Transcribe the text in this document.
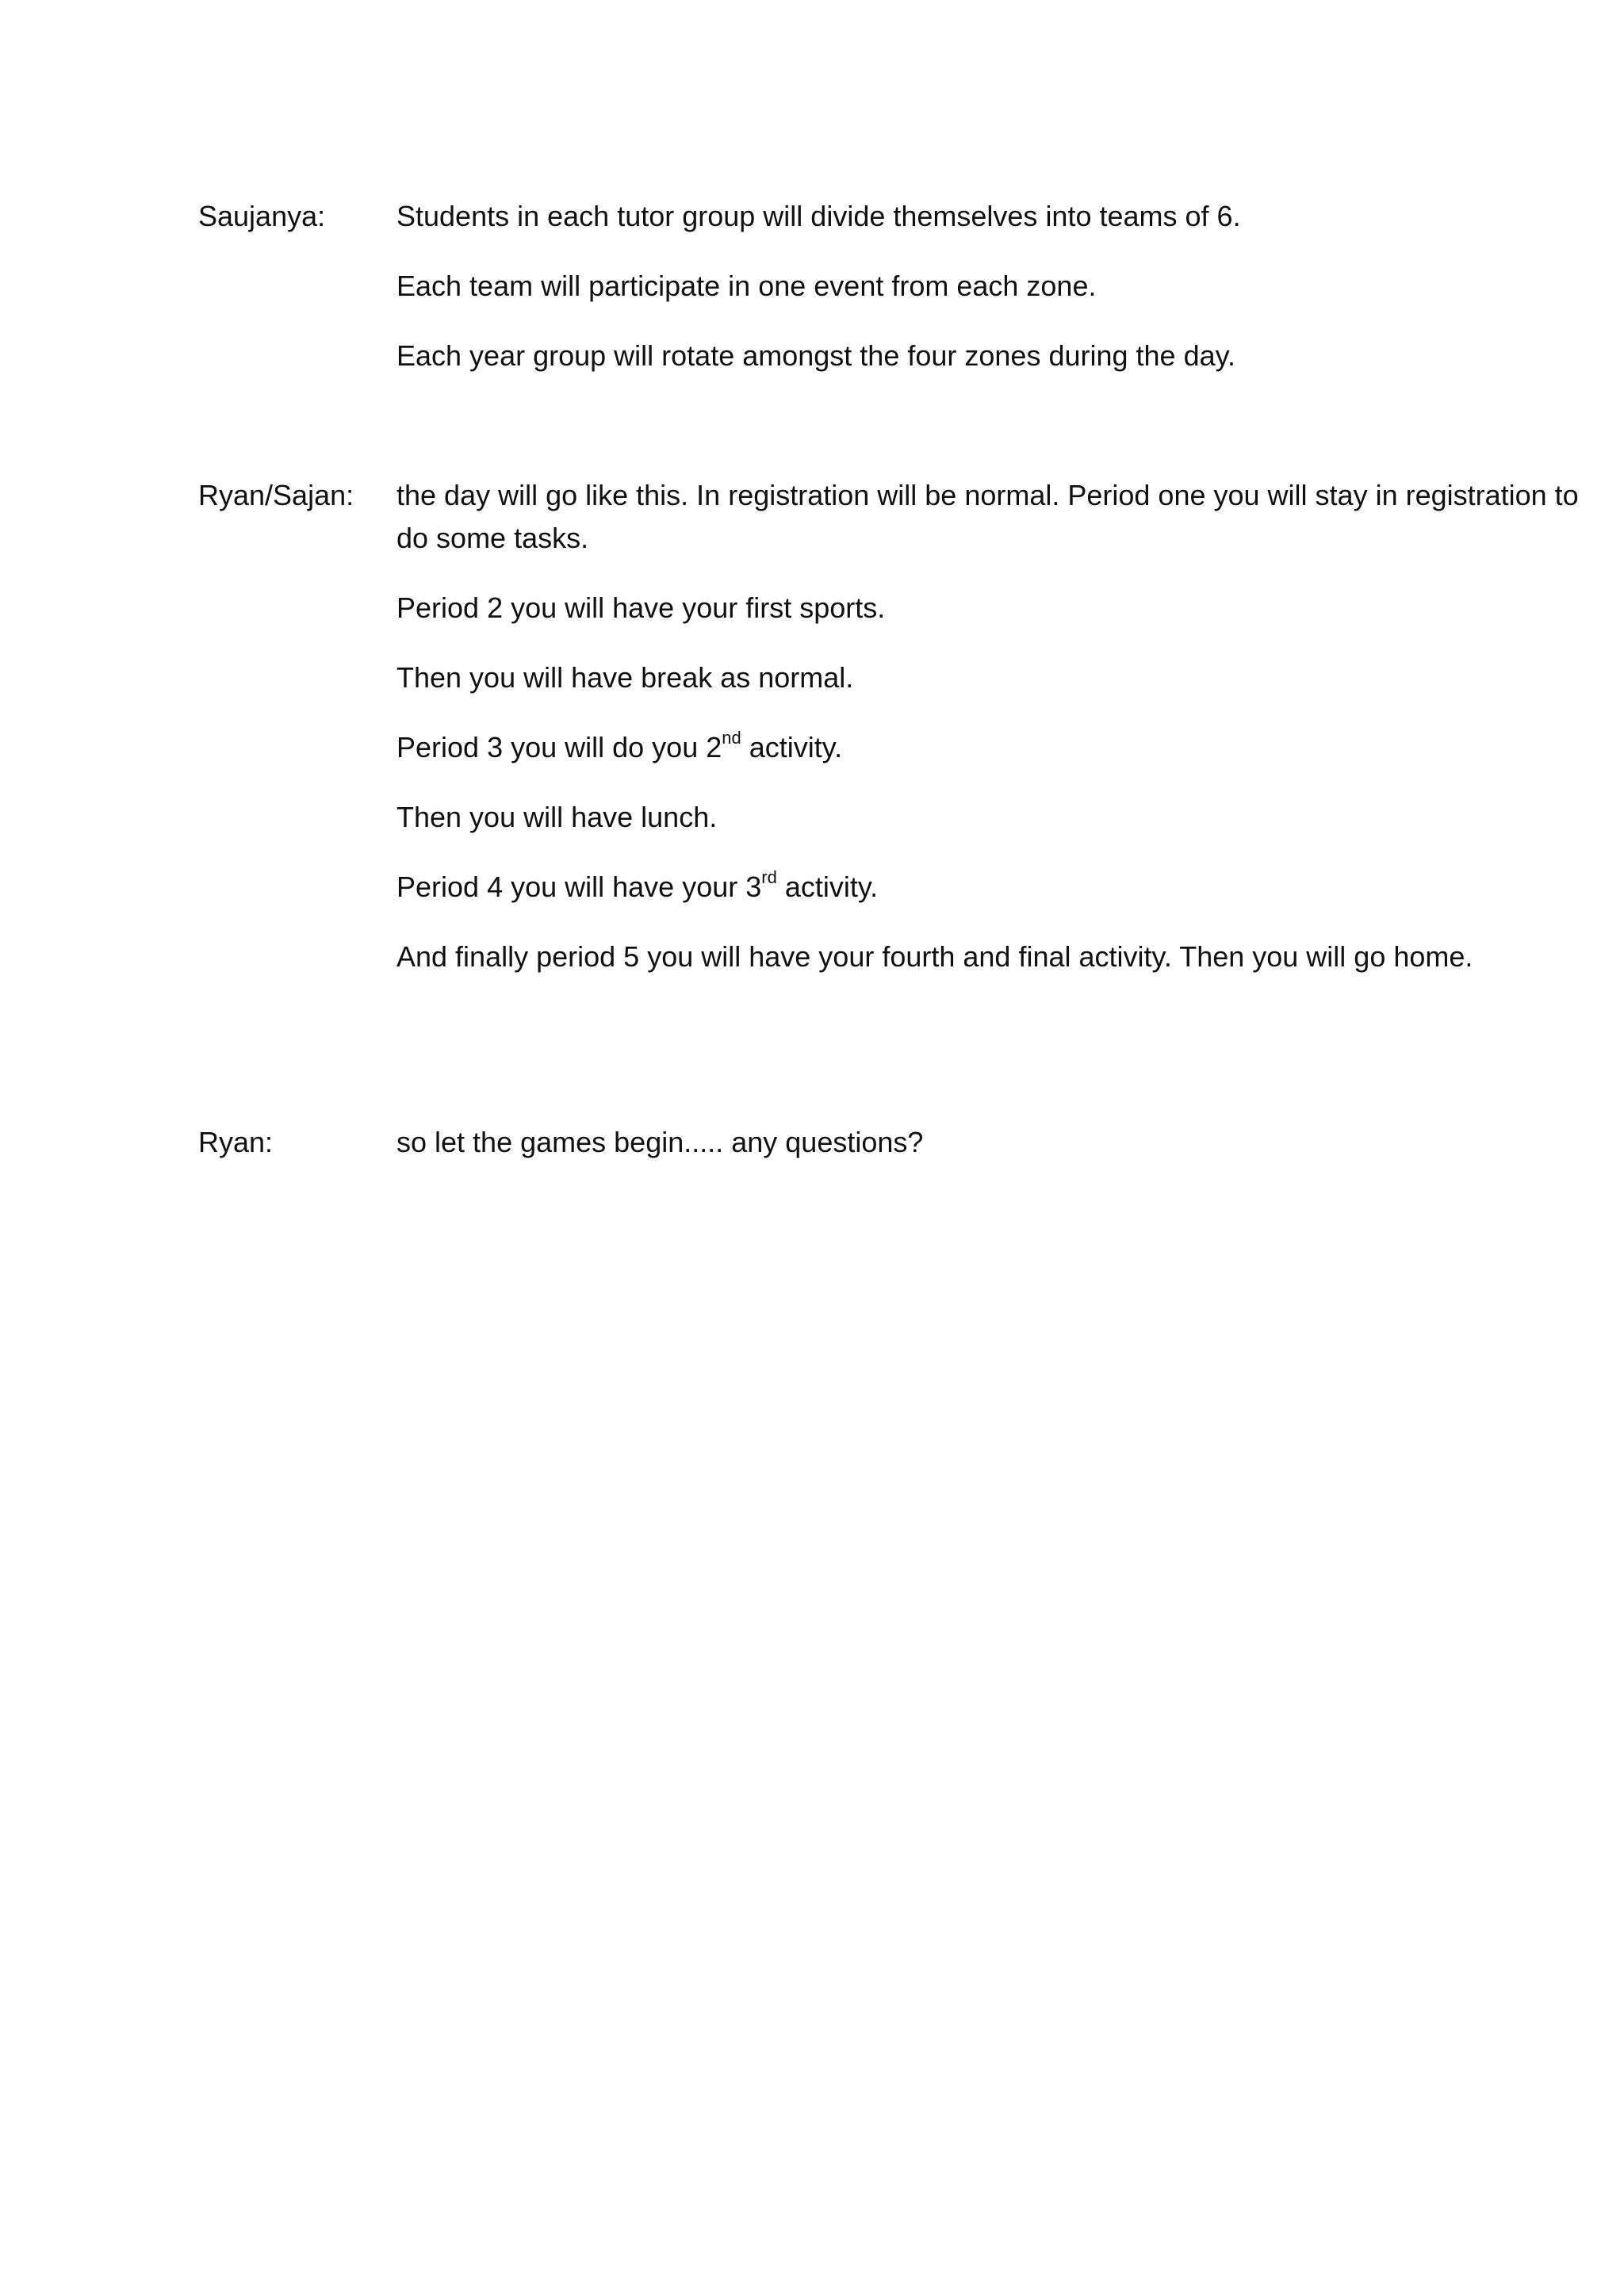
Saujanya:	Students in each tutor group will divide themselves into teams of 6.

Each team will participate in one event from each zone.

Each year group will rotate amongst the four zones during the day.

Ryan/Sajan:	the day will go like this. In registration will be normal. Period one you will stay in registration to do some tasks.

Period 2 you will have your first sports.

Then you will have break as normal.

Period 3 you will do you 2nd activity.

Then you will have lunch.

Period 4 you will have your 3rd activity.

And finally period 5 you will have your fourth and final activity. Then you will go home.

Ryan:	so let the games begin..... any questions?
